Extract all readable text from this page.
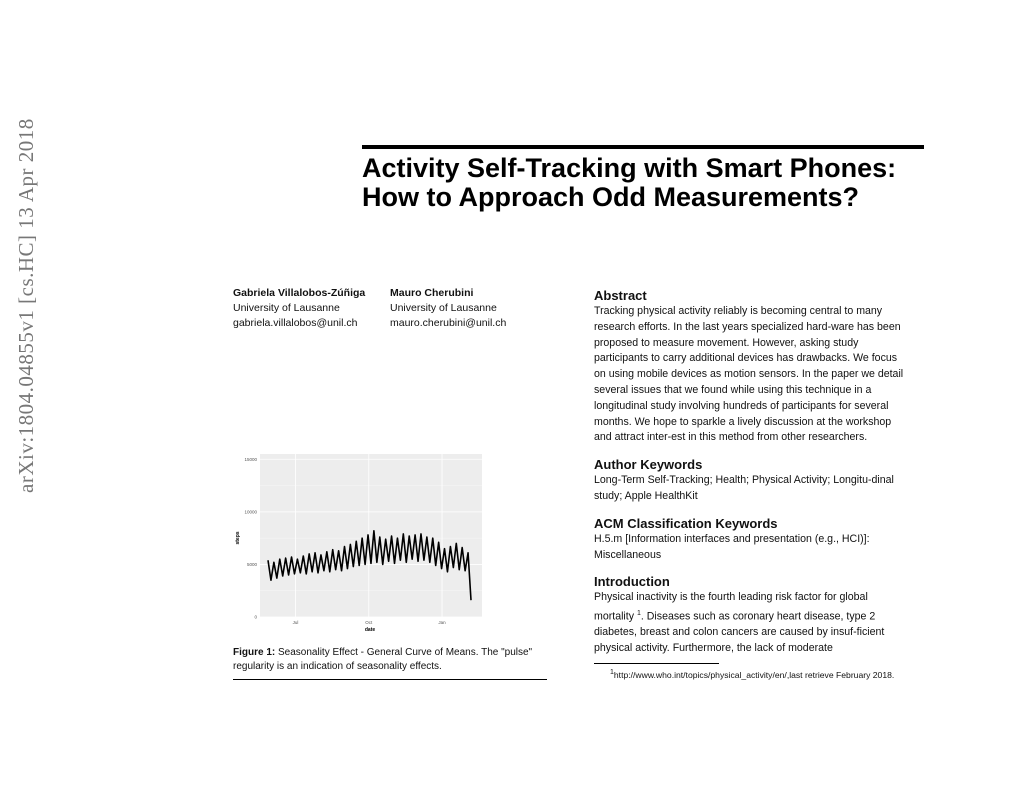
arXiv:1804.04855v1 [cs.HC] 13 Apr 2018	Activity Self-Tracking with Smart Phones: How to Approach Odd Measurements?
Gabriela Villalobos-Zúñiga
University of Lausanne
gabriela.villalobos@unil.ch
Mauro Cherubini
University of Lausanne
mauro.cherubini@unil.ch
0
5000
10000
15000
Jul	Oct	Jan
steps
date
Figure 1: Seasonality Effect - General Curve of Means. The "pulse" regularity is an indication of seasonality effects.
Abstract

Tracking physical activity reliably is becoming central to many research efforts. In the last years specialized hard-ware has been proposed to measure movement. However, asking study participants to carry additional devices has drawbacks. We focus on using mobile devices as motion sensors. In the paper we detail several issues that we found while using this technique in a longitudinal study involving hundreds of participants for several months. We hope to sparkle a lively discussion at the workshop and attract inter-est in this method from other researchers.

Author Keywords

Long-Term Self-Tracking; Health; Physical Activity; Longitu-dinal study; Apple HealthKit

ACM Classification Keywords

H.5.m [Information interfaces and presentation (e.g., HCI)]: Miscellaneous

Introduction

Physical inactivity is the fourth leading risk factor for global mortality $^1$. Diseases such as coronary heart disease, type 2 diabetes, breast and colon cancers are caused by insuf-ficient physical activity. Furthermore, the lack of moderate

$^1$http://www.who.int/topics/physical_activity/en/,last retrieve February 2018.
